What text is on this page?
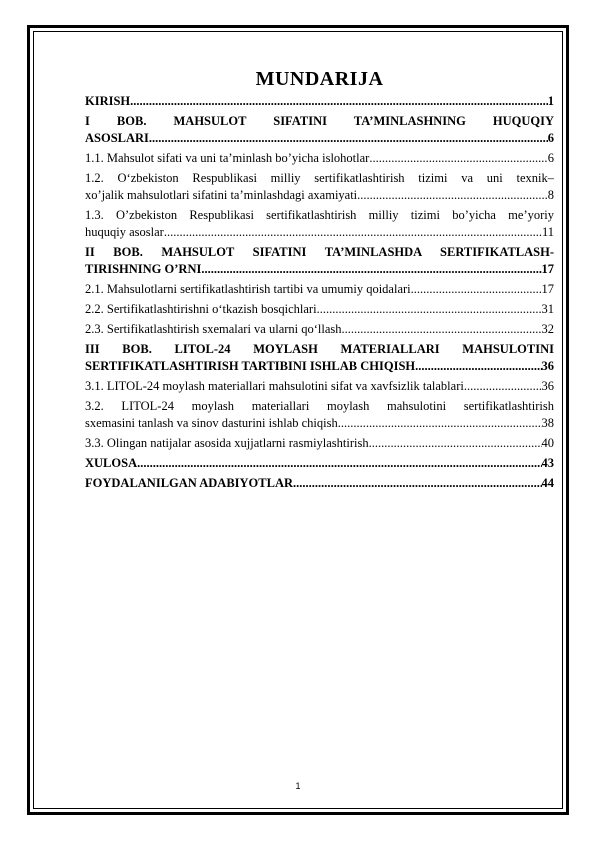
MUNDARIJA
KIRISH .....	1
I BOB. MAHSULOT SIFATINI TA’MINLASHNING HUQUQIY
ASOSLARI .....	6
1.1. Mahsulot sifati va uni ta’minlash bo’yicha islohotlar .....	6
1.2. O‘zbekiston Respublikasi milliy sertifikatlashtirish tizimi va uni texnik–
xo’jalik mahsulotlari sifatini ta’minlashdagi axamiyati .....	8
1.3. O’zbekiston Respublikasi sertifikatlashtirish milliy tizimi bo’yicha me’yoriy
huquqiy asoslar .....	11
II BOB. MAHSULOT SIFATINI TA’MINLASHDA SERTIFIKATLASH-
TIRISHNING O’RNI .....	17
2.1. Mahsulotlarni sertifikatlashtirish tartibi va umumiy qoidalari .....	17
2.2. Sertifikatlashtirishni o‘tkazish bosqichlari .....	31
2.3. Sertifikatlashtirish sxemalari va ularni qo‘llash .....	32
III BOB. LITOL-24 MOYLASH MATERIALLARI MAHSULOTINI
SERTIFIKATLASHTIRISH TARTIBINI ISHLAB CHIQISH .....	36
3.1. LITOL-24 moylash materiallari mahsulotini sifat va xavfsizlik talablari .....	36
3.2. LITOL-24 moylash materiallari moylash mahsulotini sertifikatlashtirish
sxemasini tanlash va sinov dasturini ishlab chiqish .....	38
3.3. Olingan natijalar asosida xujjatlarni rasmiylashtirish .....	40
XULOSA .....	43
FOYDALANILGAN ADABIYOTLAR .....	44
1
